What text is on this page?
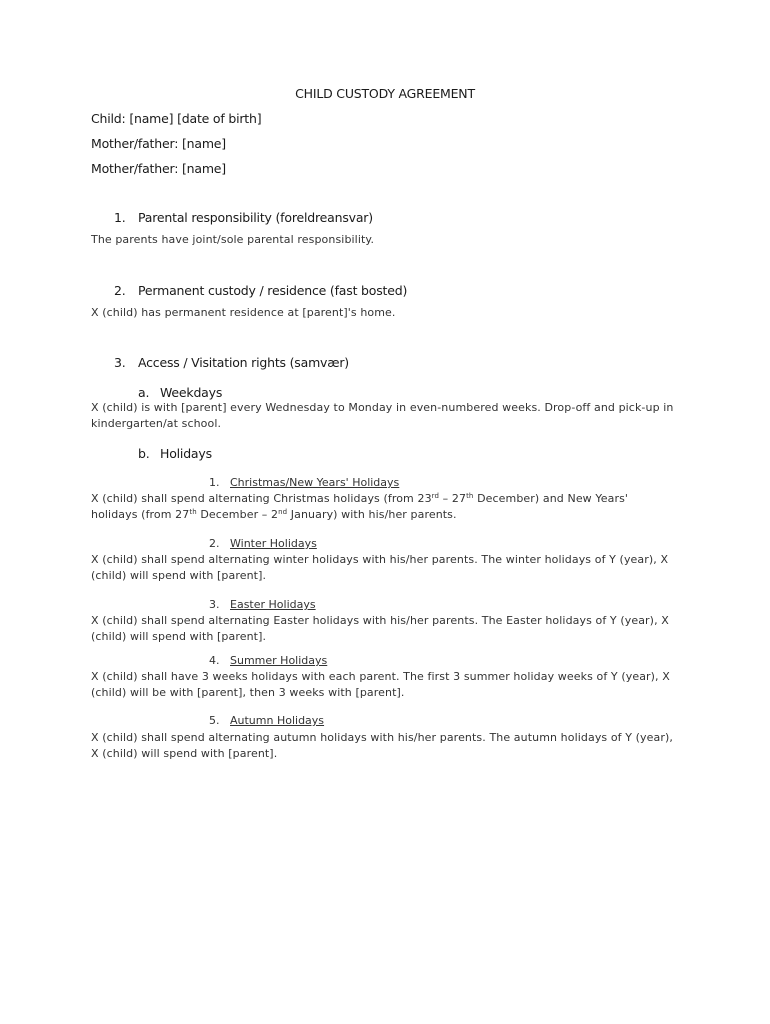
CHILD CUSTODY AGREEMENT
Child: [name] [date of birth]
Mother/father: [name]
Mother/father: [name]
1. Parental responsibility (foreldreansvar)
The parents have joint/sole parental responsibility.
2. Permanent custody / residence (fast bosted)
X (child) has permanent residence at [parent]'s home.
3. Access / Visitation rights (samvær)
a. Weekdays
X (child) is with [parent] every Wednesday to Monday in even-numbered weeks. Drop-off and pick-up in kindergarten/at school.
b. Holidays
1. Christmas/New Years' Holidays
X (child) shall spend alternating Christmas holidays (from 23rd – 27th December) and New Years' holidays (from 27th December – 2nd January) with his/her parents.
2. Winter Holidays
X (child) shall spend alternating winter holidays with his/her parents. The winter holidays of Y (year), X (child) will spend with [parent].
3. Easter Holidays
X (child) shall spend alternating Easter holidays with his/her parents. The Easter holidays of Y (year), X (child) will spend with [parent].
4. Summer Holidays
X (child) shall have 3 weeks holidays with each parent. The first 3 summer holiday weeks of Y (year), X (child) will be with [parent], then 3 weeks with [parent].
5. Autumn Holidays
X (child) shall spend alternating autumn holidays with his/her parents. The autumn holidays of Y (year), X (child) will spend with [parent].
